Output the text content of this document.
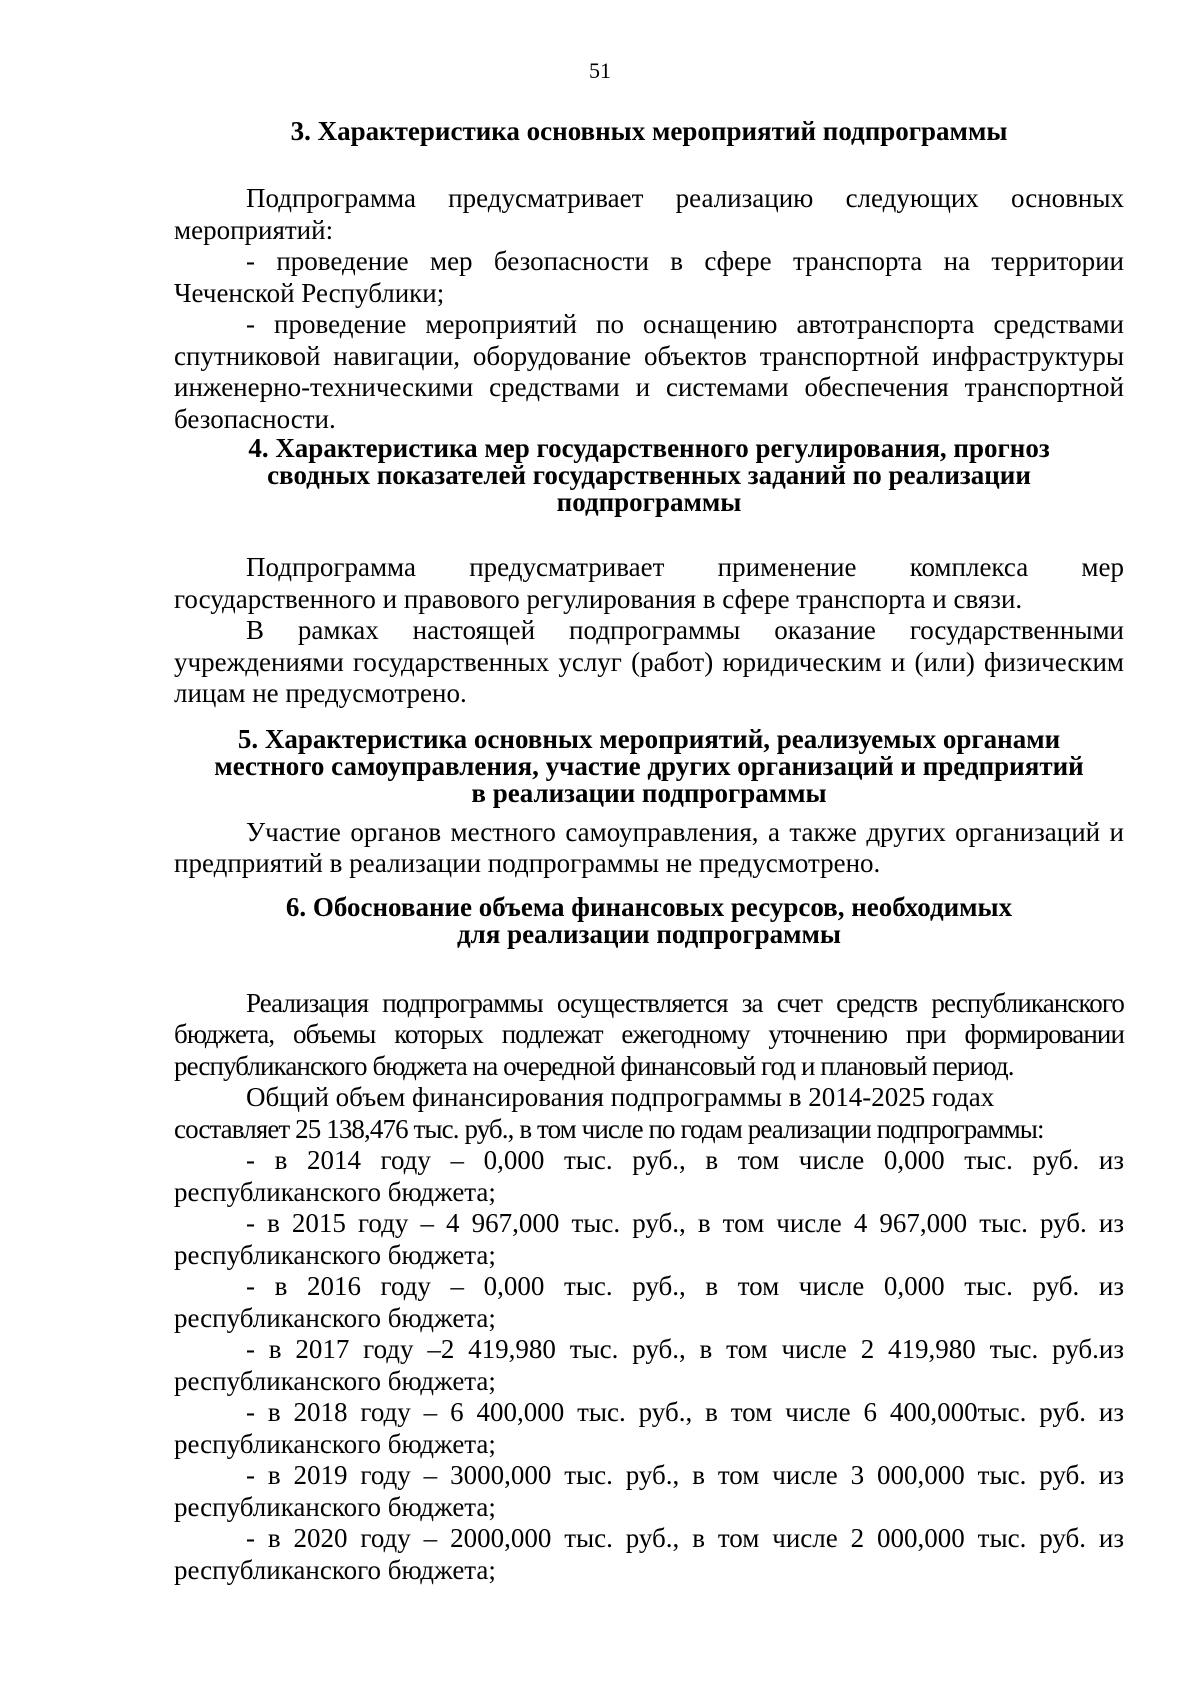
51
3. Характеристика основных мероприятий подпрограммы

Подпрограмма предусматривает реализацию следующих основных мероприятий:

- проведение мер безопасности в сфере транспорта на территории Чеченской Республики;

- проведение мероприятий по оснащению автотранспорта средствами спутниковой навигации, оборудование объектов транспортной инфраструктуры инженерно-техническими средствами и системами обеспечения транспортной безопасности.

4. Характеристика мер государственного регулирования, прогноз
сводных показателей государственных заданий по реализации
подпрограммы

Подпрограмма предусматривает применение комплекса мер государственного и правового регулирования в сфере транспорта и связи.

В рамках настоящей подпрограммы оказание государственными учреждениями государственных услуг (работ) юридическим и (или) физическим лицам не предусмотрено.

5. Характеристика основных мероприятий, реализуемых органами
местного самоуправления, участие других организаций и предприятий
в реализации подпрограммы

Участие органов местного самоуправления, а также других организаций и предприятий в реализации подпрограммы не предусмотрено.

6. Обоснование объема финансовых ресурсов, необходимых
для реализации подпрограммы

Реализация подпрограммы осуществляется за счет средств республиканского бюджета, объемы которых подлежат ежегодному уточнению при формировании республиканского бюджета на очередной финансовый год и плановый период.

Общий объем финансирования подпрограммы в 2014-2025 годах

составляет 25 138,476 тыс. руб., в том числе по годам реализации подпрограммы:

- в 2014 году – 0,000 тыс. руб., в том числе 0,000 тыс. руб. из республиканского бюджета;

- в 2015 году – 4 967,000 тыс. руб., в том числе 4 967,000 тыс. руб. из республиканского бюджета;

- в 2016 году – 0,000 тыс. руб., в том числе 0,000 тыс. руб. из республиканского бюджета;

- в 2017 году –2 419,980 тыс. руб., в том числе 2 419,980 тыс. руб.из республиканского бюджета;

- в 2018 году – 6 400,000 тыс. руб., в том числе 6 400,000тыс. руб. из республиканского бюджета;

- в 2019 году – 3000,000 тыс. руб., в том числе 3 000,000 тыс. руб. из республиканского бюджета;

- в 2020 году – 2000,000 тыс. руб., в том числе 2 000,000 тыс. руб. из республиканского бюджета;
